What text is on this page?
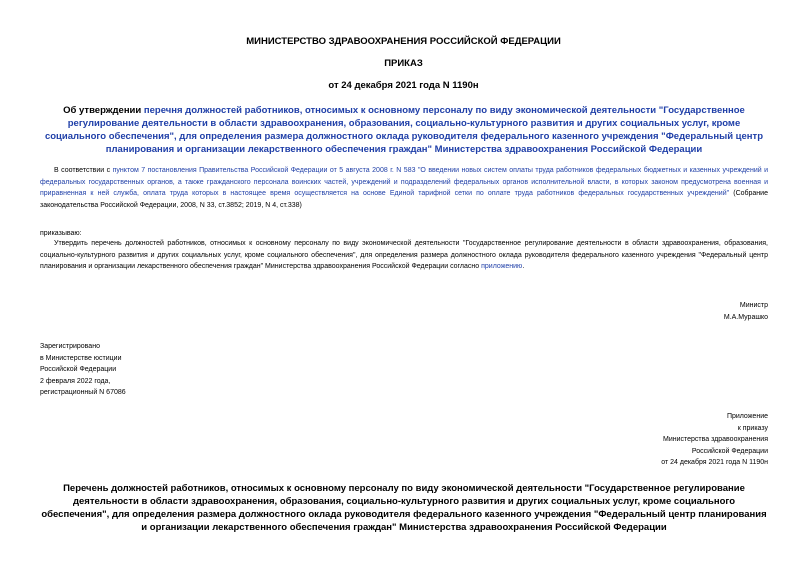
МИНИСТЕРСТВО ЗДРАВООХРАНЕНИЯ РОССИЙСКОЙ ФЕДЕРАЦИИ
ПРИКАЗ
от 24 декабря 2021 года N 1190н
Об утверждении перечня должностей работников, относимых к основному персоналу по виду экономической деятельности "Государственное регулирование деятельности в области здравоохранения, образования, социально-культурного развития и других социальных услуг, кроме социального обеспечения", для определения размера должностного оклада руководителя федерального казенного учреждения "Федеральный центр планирования и организации лекарственного обеспечения граждан" Министерства здравоохранения Российской Федерации
В соответствии с пунктом 7 постановления Правительства Российской Федерации от 5 августа 2008 г. N 583 "О введении новых систем оплаты труда работников федеральных бюджетных и казенных учреждений и федеральных государственных органов, а также гражданского персонала воинских частей, учреждений и подразделений федеральных органов исполнительной власти, в которых законом предусмотрена военная и приравненная к ней служба, оплата труда которых в настоящее время осуществляется на основе Единой тарифной сетки по оплате труда работников федеральных государственных учреждений" (Собрание законодательства Российской Федерации, 2008, N 33, ст.3852; 2019, N 4, ст.338)
приказываю:
Утвердить перечень должностей работников, относимых к основному персоналу по виду экономической деятельности "Государственное регулирование деятельности в области здравоохранения, образования, социально-культурного развития и других социальных услуг, кроме социального обеспечения", для определения размера должностного оклада руководителя федерального казенного учреждения "Федеральный центр планирования и организации лекарственного обеспечения граждан" Министерства здравоохранения Российской Федерации согласно приложению.
Министр
М.А.Мурашко
Зарегистрировано
в Министерстве юстиции
Российской Федерации
2 февраля 2022 года,
регистрационный N 67086
Приложение
к приказу
Министерства здравоохранения
Российской Федерации
от 24 декабря 2021 года N 1190н
Перечень должностей работников, относимых к основному персоналу по виду экономической деятельности "Государственное регулирование деятельности в области здравоохранения, образования, социально-культурного развития и других социальных услуг, кроме социального обеспечения", для определения размера должностного оклада руководителя федерального казенного учреждения "Федеральный центр планирования и организации лекарственного обеспечения граждан" Министерства здравоохранения Российской Федерации
